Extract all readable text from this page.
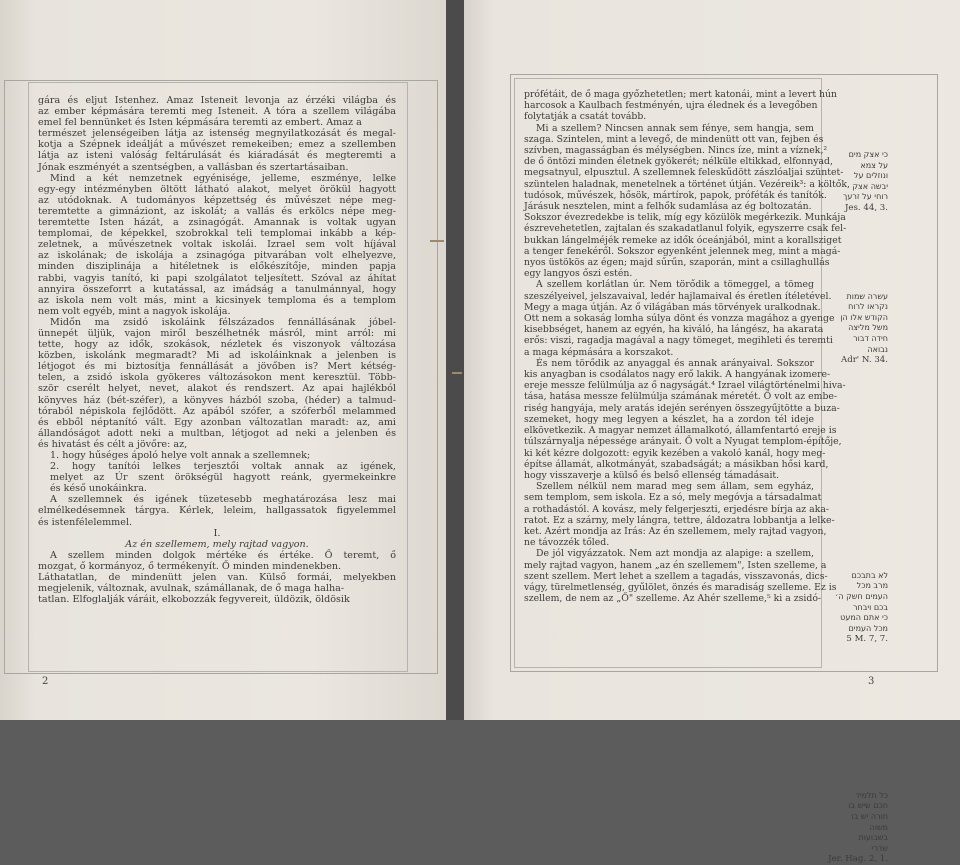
gára és eljut Istenhez. Amaz Isteneit levonja az érzéki világba és
az ember képmására teremti meg Isteneit. A tóra a szellem világába
emel fel bennünket és Isten képmására teremti az embert. Amaz a
természet jelenségeiben látja az istenség megnyilatkozását és megal-
kotja a Szépnek ideálját a művészet remekeiben; emez a szellemben
látja az isteni valóság feltárulását és kiáradását és megteremti a
Jónak eszményét a szentségben, a vallásban és szertartásaiban.
Mind a két nemzetnek egyénisége, jelleme, eszménye, lelke
egy-egy intézményben öltött látható alakot, melyet örökül hagyott
az utódoknak. A tudományos képzettség és művészet népe meg-
teremtette a gimnáziont, az iskolát; a vallás és erkölcs népe meg-
teremtette Isten házát, a zsinagógát. Amannak is voltak ugyan
templomai, de képekkel, szobrokkal teli templomai inkább a kép-
zeletnek, a művészetnek voltak iskolái. Izrael sem volt híjával
az iskolának; de iskolája a zsinagóga pitvarában volt elhelyezve,
minden disziplinája a hitéletnek is előkészítője, minden papja
rabbi, vagyis tanító, ki papi szolgálatot teljesített. Szóval az áhítat
annyira összeforrt a kutatással, az imádság a tanulmánnyal, hogy
az iskola nem volt más, mint a kicsinyek temploma és a templom
nem volt egyéb, mint a nagyok iskolája.
Midőn ma zsidó iskoláink félszázados fennállásának jóbel-
ünnepét üljük, vajon miről beszélhetnék másról, mint arról: mi
tette, hogy az idők, szokások, nézletek és viszonyok változása
közben, iskolánk megmaradt? Mi ad iskoláinknak a jelenben is
létjogot és mi biztosítja fennállását a jövőben is? Mert kétség-
telen, a zsidó iskola gyökeres változásokon ment keresztül. Több-
ször cserélt helyet, nevet, alakot és rendszert. Az apai hajlékból
könyves ház (bét-széfer), a könyves házból szoba, (héder) a talmud-
tóraból népiskola fejlődött. Az apából szófer, a szóferből melammed
és ebből néptanító vált. Egy azonban változatlan maradt: az, ami
állandóságot adott neki a multban, létjogot ad neki a jelenben és
és hivatást és célt a jövőre: az,
1. hogy hűséges ápoló helye volt annak a szellemnek;
2. hogy tanítói lelkes terjesztői voltak annak az igének,
melyet az Úr szent örökségül hagyott reánk, gyermekeinkre
és késő unokáinkra.
A szellemnek és igének tüzetesebb meghatározása lesz mai
elmélkedésemnek tárgya. Kérlek, leleim, hallgassatok figyelemmel
és istenfélelemmel.
I.
Az én szellemem, mely rajtad vagyon.
A szellem minden dolgok mértéke és értéke. Ő teremt, ő
mozgat, ő kormányoz, ő termékenyít. Ő minden mindenekben.
Láthatatlan, de mindenütt jelen van. Külső formái, melyekben
megjelenik, változnak, avulnak, számállanak, de ő maga halha-
tatlan. Elfoglalják váráit, elkobozzák fegyvereit, üldözik, öldösik
2
prófétáit, de ő maga győzhetetlen; mert katonái, mint a levert hún
harcosok a Kaulbach festményén, ujra élednek és a levegőben
folytatják a csatát tovább.
Mi a szellem? Nincsen annak sem fénye, sem hangja, sem
szaga. Szintelen, mint a levegő, de mindenütt ott van, fejben és
szívben, magasságban és mélységben. Nincs íze, mint a víznek,²
de ő öntözi minden életnek gyökerét; nélküle eltikkad, elfonnyad,
megsatnyul, elpusztul. A szellemnek feleskűdött zászlóaljai szüntet-
szüntelen haladnak, menetelnek a történet útján. Vezéreik³: a költők,
tudósok, művészek, hősök, mártírok, papok, próféták és tanítók.
Járásuk nesztelen, mint a felhők sudamlása az ég boltozatán.
Sokszor évezredekbe is telik, míg egy közülök megérkezik. Munkája
észrevehetetlen, zajtalan és szakadatlanul folyik, egyszerre csak fel-
bukkan lángelméjék remeke az idők óceánjából, mint a korallsziget
a tenger fenekéről. Sokszor egyenként jelennek meg, mint a magá-
nyos üstökös az égen; majd sűrűn, szaporán, mint a csillaghullás
egy langyos őszi estén.
A szellem korlátlan úr. Nem törődik a tömeggel, a tömeg
szeszélyeivel, jelszavaival, ledér hajlamaival és éretlen ítéletével.
Megy a maga útján. Az ő világában más törvények uralkodnak.
Ott nem a sokaság lomha súlya dönt és vonzza magához a gyenge
kisebbséget, hanem az egyén, ha kiváló, ha lángész, ha akarata
erős: viszi, ragadja magával a nagy tömeget, megihleti és teremti
a maga képmására a korszakot.
És nem törődik az anyaggal és annak arányaival. Sokszor
kis anyagban is csodálatos nagy erő lakik. A hangyának izomere-
ereje messze felülmúlja az ő nagyságát.⁴ Izrael világtörténelmi hiva-
tása, hatása messze felülmúlja számának méretét. Ő volt az embe-
riség hangyája, mely aratás idején serényen összegyűjtötte a buza-
szemeket, hogy meg legyen a készlet, ha a zordon tél ideje
elkövetkezik. A magyar nemzet államalkotó, államfentartó ereje is
túlszárnyalja népessége arányait. Ő volt a Nyugat templom-építője,
ki két kézre dolgozott: egyik kezében a vakoló kanál, hogy meg-
építse államát, alkotmányát, szabadságát; a másikban hősi kard,
hogy visszaverje a külső és belső ellenség támadásait.
Szellem nélkül nem marad meg sem állam, sem egyház,
sem templom, sem iskola. Ez a só, mely megóvja a társadalmat
a rothadástól. A kovász, mely felgerjeszti, erjedésre bírja az aka-
ratot. Ez a szárny, mely lángra, tettre, áldozatra lobbantja a lelke-
ket. Azért mondja az Irás: Az én szellemem, mely rajtad vagyon,
ne távozzék tőled.
De jól vigyázzatok. Nem azt mondja az alapige: a szellem,
mely rajtad vagyon, hanem „az én szellemem", Isten szelleme, a
szent szellem. Mert lehet a szellem a tagadás, visszavonás, dics-
vágy, türelmetlenség, gyűlölet, önzés és maradiság szelleme. Ez is
szellem, de nem az „Ő" szelleme. Az Ahér szelleme,⁵ ki a zsidó-
כי אצק מים
על צמא
ונוזלים על
יבשה אצק
רוחי על זרעך
Jes. 44, 3.
עשרה שמות
נקראו לרוח
הקודש אלו הן
משל מליצה
חידה דבור
נבואה
Adr' N. 34.
לא בתבכם
מרב מכל
העמים חשק ה׳
בכם ויבחר
כי אתם המעט
מכל העמים
5 M. 7, 7.
כל תלמיד
חכם שיש בו
חורה יש בו
משוה
בשבועות
שדרי
Jer. Hag. 2, 1.
3
